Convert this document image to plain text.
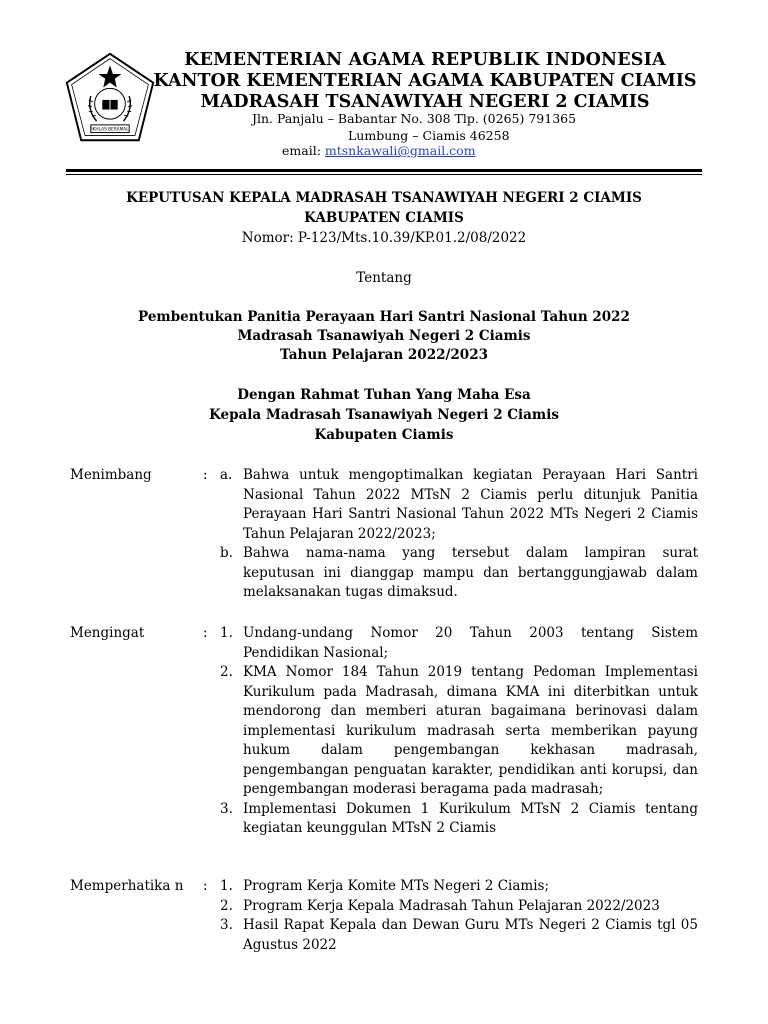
IKHLAS BERAMAL

KEMENTERIAN AGAMA REPUBLIK INDONESIA

KANTOR KEMENTERIAN AGAMA KABUPATEN CIAMIS

MADRASAH TSANAWIYAH NEGERI 2 CIAMIS

Jln. Panjalu – Babantar No. 308 Tlp. (0265) 791365
Lumbung – Ciamis 46258
email: mtsnkawali@gmail.com
KEPUTUSAN KEPALA MADRASAH TSANAWIYAH NEGERI 2 CIAMIS
KABUPATEN CIAMIS
Nomor: P-123/Mts.10.39/KP.01.2/08/2022
Tentang
Pembentukan Panitia Perayaan Hari Santri Nasional Tahun 2022
Madrasah Tsanawiyah Negeri 2 Ciamis
Tahun Pelajaran 2022/2023
Dengan Rahmat Tuhan Yang Maha Esa
Kepala Madrasah Tsanawiyah Negeri 2 Ciamis
Kabupaten Ciamis
Menimbang	: a. Bahwa untuk mengoptimalkan kegiatan Perayaan Hari Santri Nasional Tahun 2022 MTsN 2 Ciamis perlu ditunjuk Panitia Perayaan Hari Santri Nasional Tahun 2022 MTs Negeri 2 Ciamis Tahun Pelajaran 2022/2023;
b. Bahwa nama-nama yang tersebut dalam lampiran surat keputusan ini dianggap mampu dan bertanggungjawab dalam melaksanakan tugas dimaksud.
Mengingat	: 1. Undang-undang Nomor 20 Tahun 2003 tentang Sistem Pendidikan Nasional;
2. KMA Nomor 184 Tahun 2019 tentang Pedoman Implementasi Kurikulum pada Madrasah, dimana KMA ini diterbitkan untuk mendorong dan memberi aturan bagaimana berinovasi dalam implementasi kurikulum madrasah serta memberikan payung hukum dalam pengembangan kekhasan madrasah, pengembangan penguatan karakter, pendidikan anti korupsi, dan pengembangan moderasi beragama pada madrasah;
3. Implementasi Dokumen 1 Kurikulum MTsN 2 Ciamis tentang kegiatan keunggulan MTsN 2 Ciamis
Memperhatika n	: 1. Program Kerja Komite MTs Negeri 2 Ciamis;
2. Program Kerja Kepala Madrasah Tahun Pelajaran 2022/2023
3. Hasil Rapat Kepala dan Dewan Guru MTs Negeri 2 Ciamis tgl 05 Agustus 2022
